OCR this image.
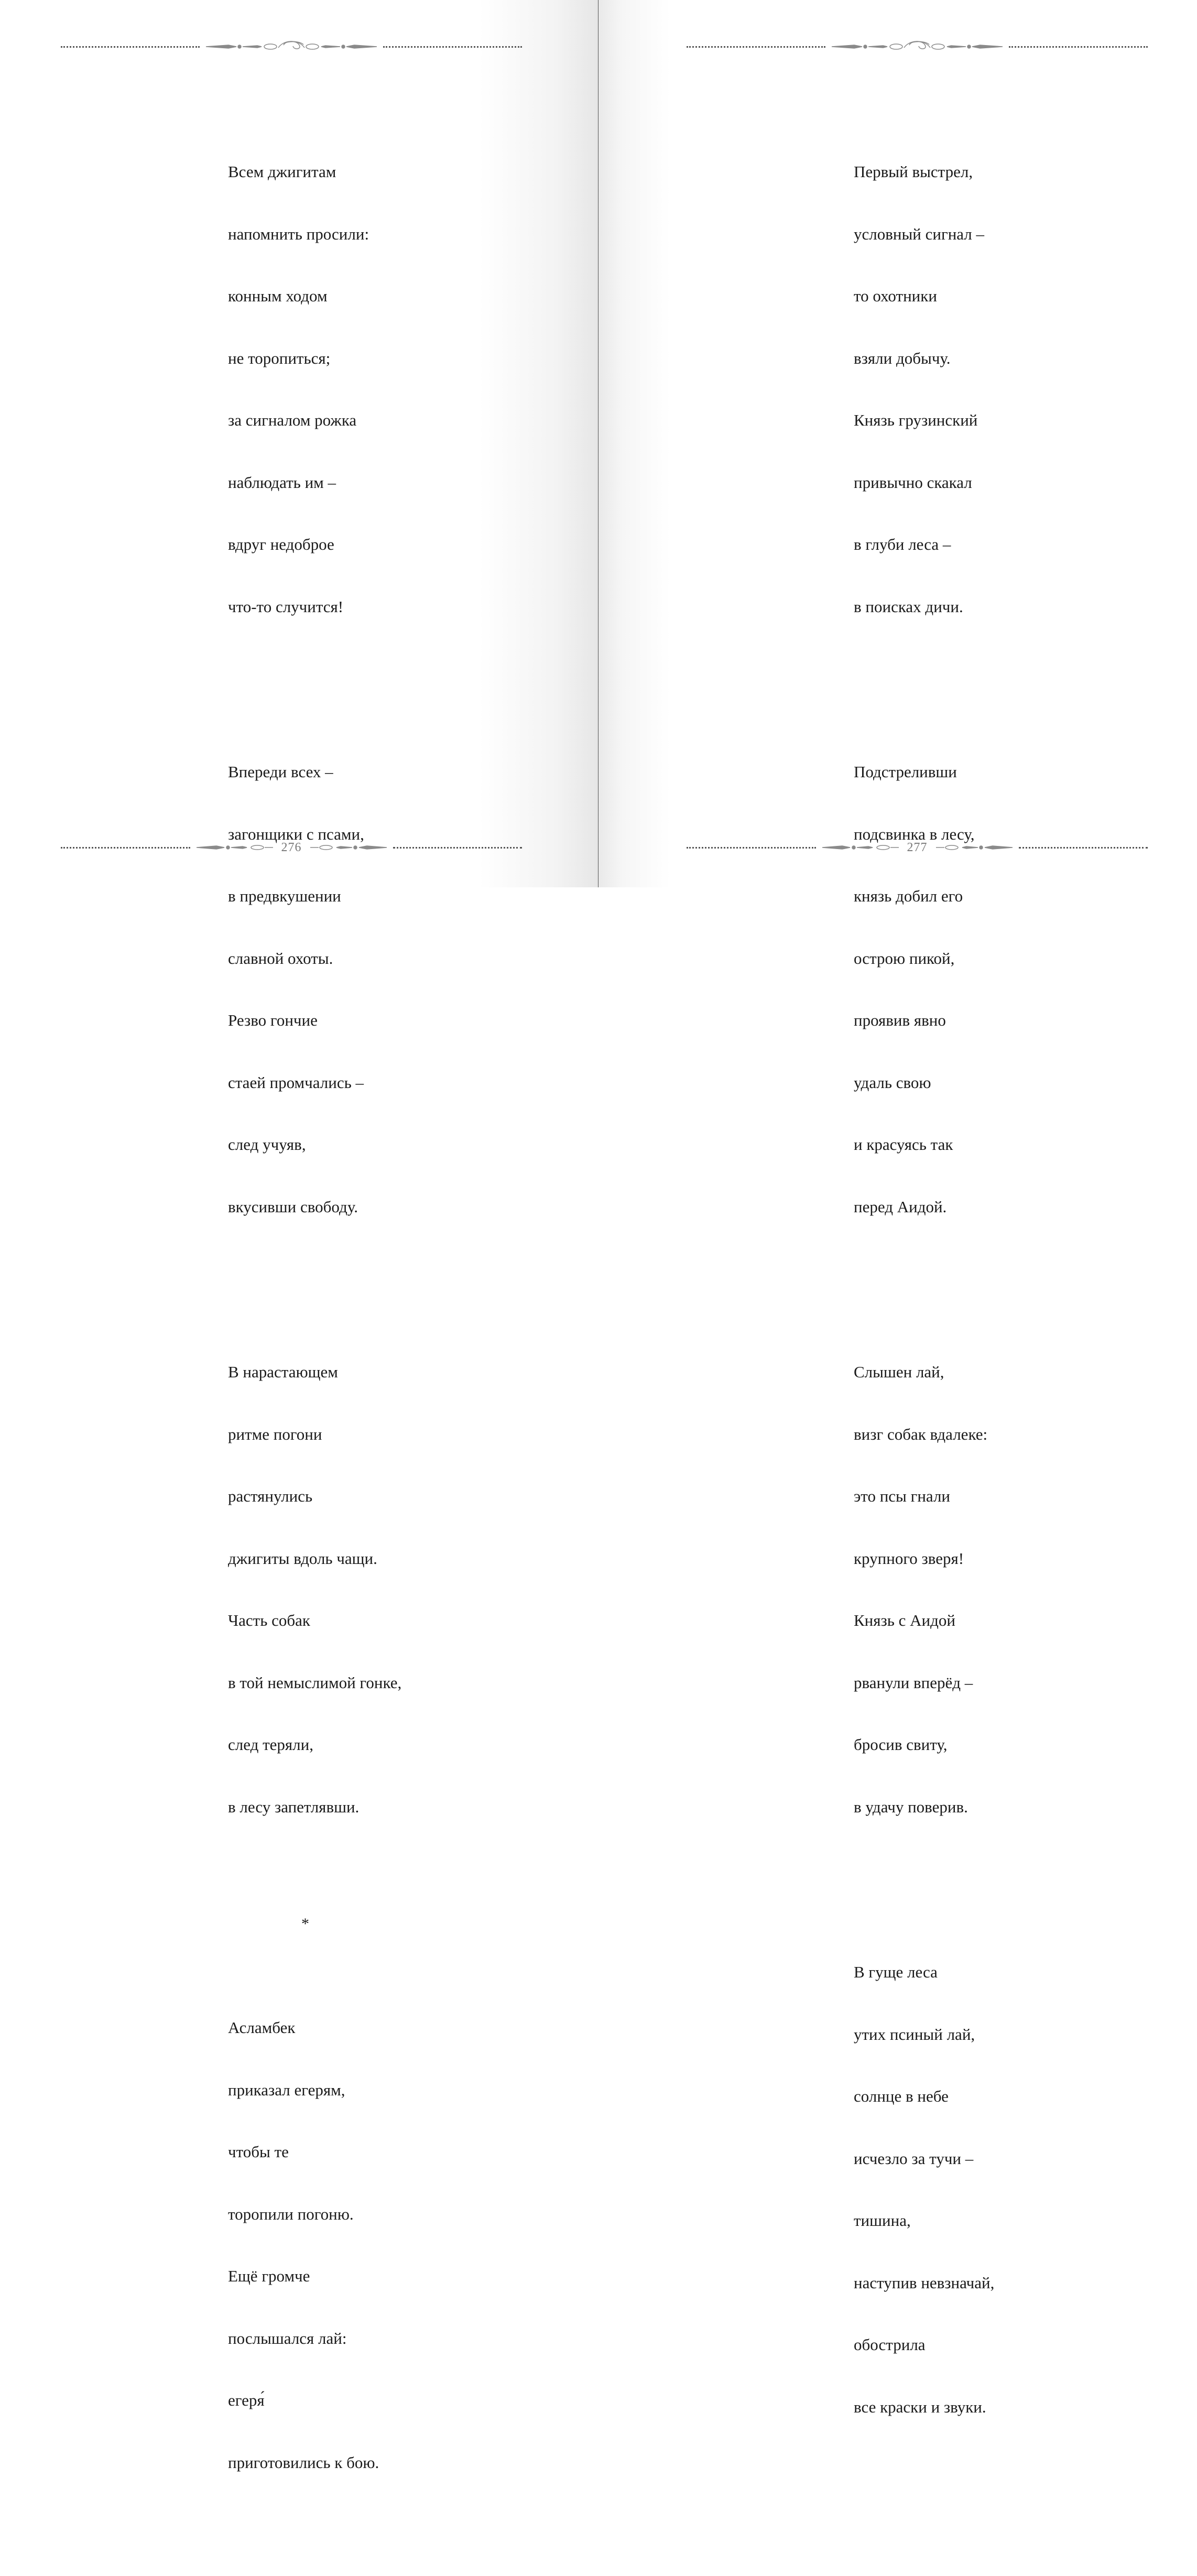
Всем джигитам

напомнить просили:

конным ходом

не торопиться;

за сигналом рожка

наблюдать им –

вдруг недоброе

что-то случится!

Впереди всех –

загонщики с псами,

в предвкушении

славной охоты.

Резво гончие

стаей промчались –

след учуяв,

вкусивши свободу.

В нарастающем

ритме погони

растянулись

джигиты вдоль чащи.

Часть собак

в той немыслимой гонке,

след теряли,

в лесу запетлявши.

*

Асламбек

приказал егерям,

чтобы те

торопили погоню.

Ещё громче

послышался лай:

егеря́

приготовились к бою.

276

Первый выстрел,

условный сигнал –

то охотники

взяли добычу.

Князь грузинский

привычно скакал

в глуби леса –

в поисках дичи.

Подстреливши

подсвинка в лесу,

князь добил его

острою пикой,

проявив явно

удаль свою

и красуясь так

перед Аидой.

Слышен лай,

визг собак вдалеке:

это псы гнали

крупного зверя!

Князь с Аидой

рванули вперёд –

бросив свиту,

в удачу поверив.

В гуще леса

утих псиный лай,

солнце в небе

исчезло за тучи –

тишина,

наступив невзначай,

обострила

все краски и звуки.

277
